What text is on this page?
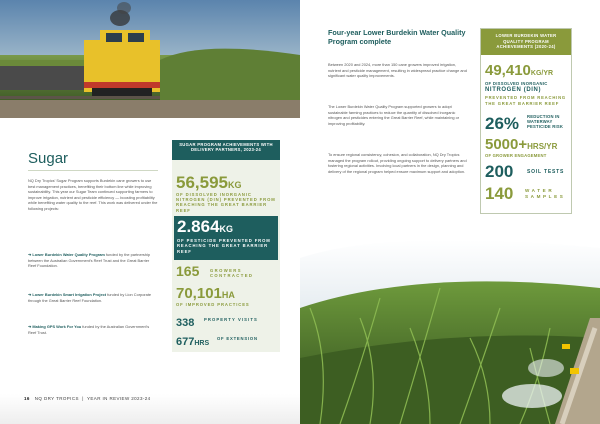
Sugar
NQ Dry Tropics' Sugar Program supports Burdekin cane growers to use best management practices, benefiting their bottom line while improving sustainability. This year our Sugar Team continued supporting farmers to improve irrigation, nutrient and pesticide efficiency — boosting profitability while benefiting water quality to the reef. This work was delivered under the following projects:
➔ Lower Burdekin Water Quality Program funded by the partnership between the Australian Government's Reef Trust and the Great Barrier Reef Foundation.
➔ Lower Burdekin Smart Irrigation Project funded by Lion Corporate through the Great Barrier Reef Foundation.
➔ Making GPS Work For You funded by the Australian Government's Reef Trust.
SUGAR PROGRAM ACHIEVEMENTS WITH DELIVERY PARTNERS, 2023-24
56,595KG
OF DISSOLVED INORGANIC NITROGEN (DIN) PREVENTED FROM REACHING THE GREAT BARRIER REEF
2.864KG
OF PESTICIDE PREVENTED FROM REACHING THE GREAT BARRIER REEF
165	GROWERS CONTRACTED
70,101HA
OF IMPROVED PRACTICES
338 PROPERTY VISITS
677HRS
OF EXTENSION
16 NQ DRY TROPICS | YEAR IN REVIEW 2023-24
Four-year Lower Burdekin Water Quality Program complete
Between 2020 and 2024, more than 150 cane growers improved irrigation, nutrient and pesticide management, resulting in widespread practice change and significant water quality improvements.
The Lower Burdekin Water Quality Program supported growers to adopt sustainable farming practices to reduce the quantity of dissolved inorganic nitrogen and pesticides entering the Great Barrier Reef, while maintaining or improving profitability.
To ensure regional consistency, cohesion, and collaboration, NQ Dry Tropics managed the program rollout, providing ongoing support to delivery partners and fostering regional activities. Involving local partners in the design, planning and delivery of the regional program helped ensure maximum support and adoption.
LOWER BURDEKIN WATER QUALITY PROGRAM ACHIEVEMENTS (2020-24)
49,410KG/YR
OF DISSOLVED INORGANIC
NITROGEN (DIN)
PREVENTED FROM REACHING
THE GREAT BARRIER REEF
26% REDUCTION IN WATERWAY PESTICIDE RISK
5000+HRS/YR
OF GROWER ENGAGEMENT
200	SOIL TESTS
140	WATER SAMPLES
